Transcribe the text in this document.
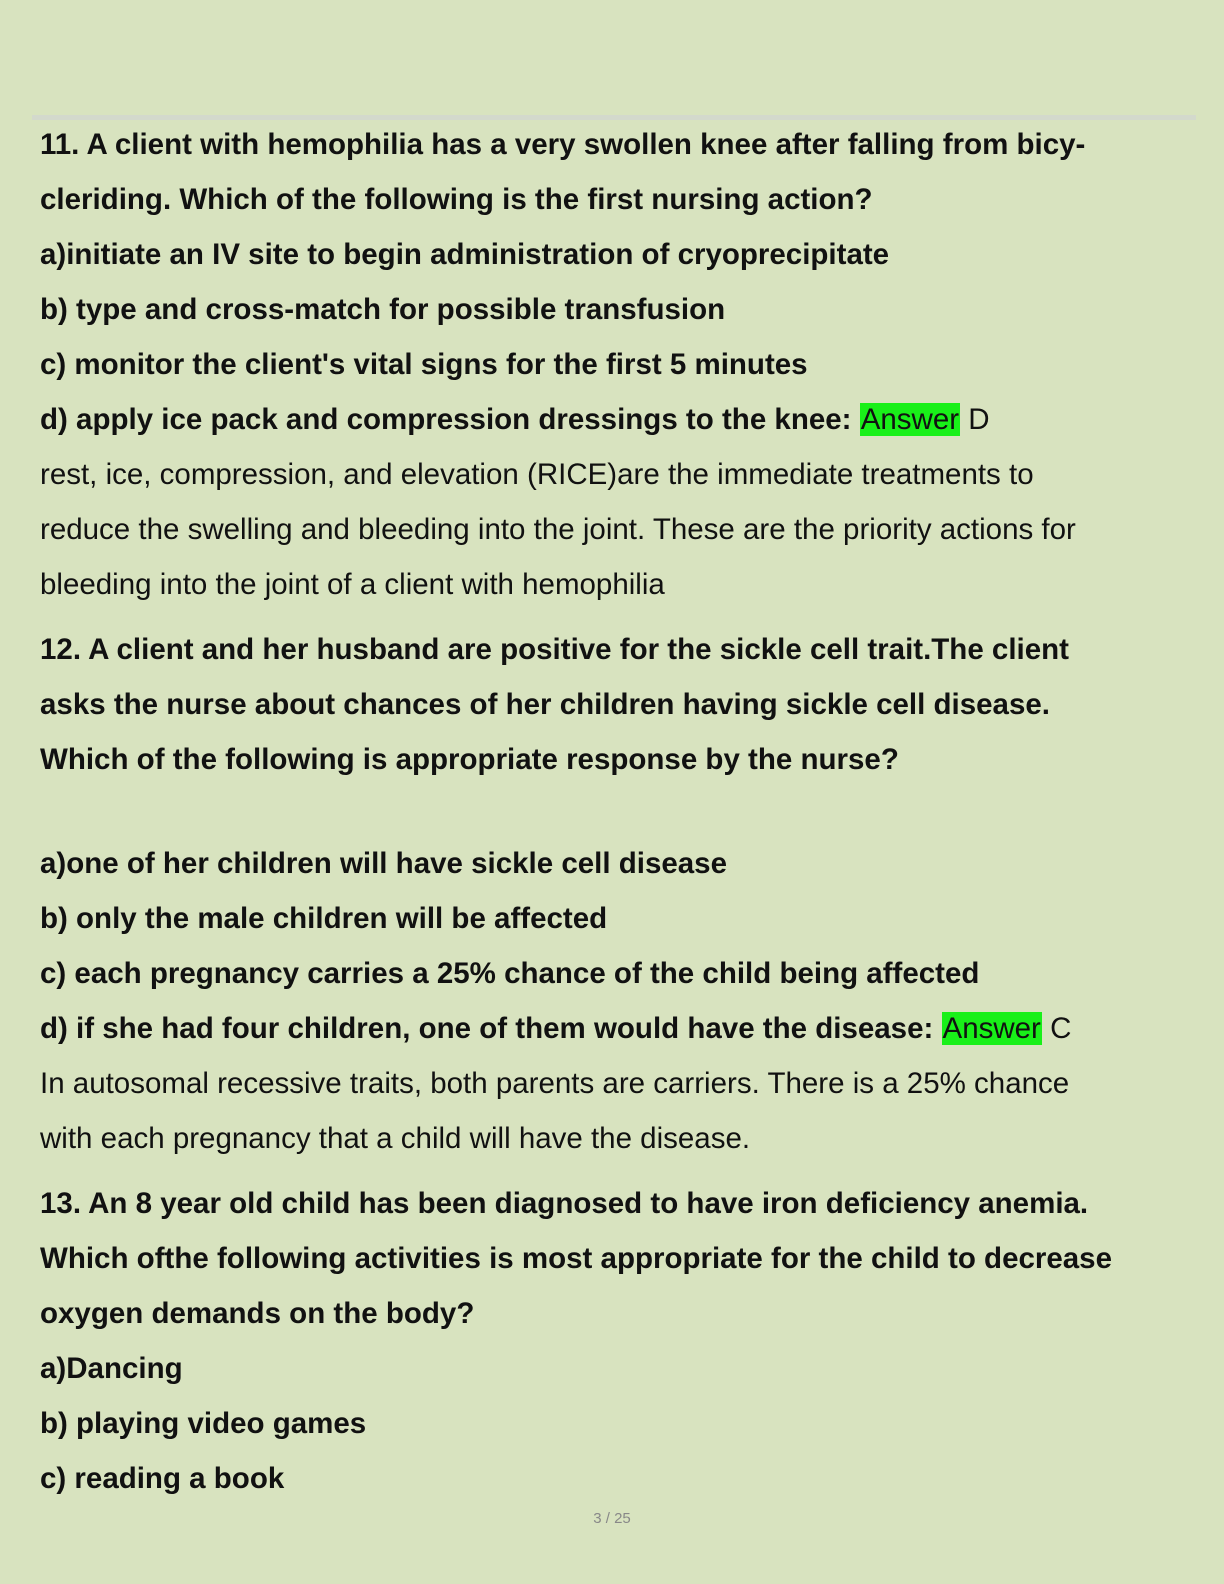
11. A client with hemophilia has a very swollen knee after falling from bicy-
cleriding. Which of the following is the first nursing action?
a)initiate an IV site to begin administration of cryoprecipitate
b) type and cross-match for possible transfusion
c) monitor the client's vital signs for the first 5 minutes
d) apply ice pack and compression dressings to the knee: Answer D
rest, ice, compression, and elevation (RICE)are the immediate treatments to
reduce the swelling and bleeding into the joint. These are the priority actions for
bleeding into the joint of a client with hemophilia
12. A client and her husband are positive for the sickle cell trait.The client
asks the nurse about chances of her children having sickle cell disease.
Which of the following is appropriate response by the nurse?
a)one of her children will have sickle cell disease
b) only the male children will be affected
c) each pregnancy carries a 25% chance of the child being affected
d) if she had four children, one of them would have the disease: Answer C
In autosomal recessive traits, both parents are carriers. There is a 25% chance
with each pregnancy that a child will have the disease.
13. An 8 year old child has been diagnosed to have iron deficiency anemia.
Which ofthe following activities is most appropriate for the child to decrease
oxygen demands on the body?
a)Dancing
b) playing video games
c) reading a book
3 / 25
